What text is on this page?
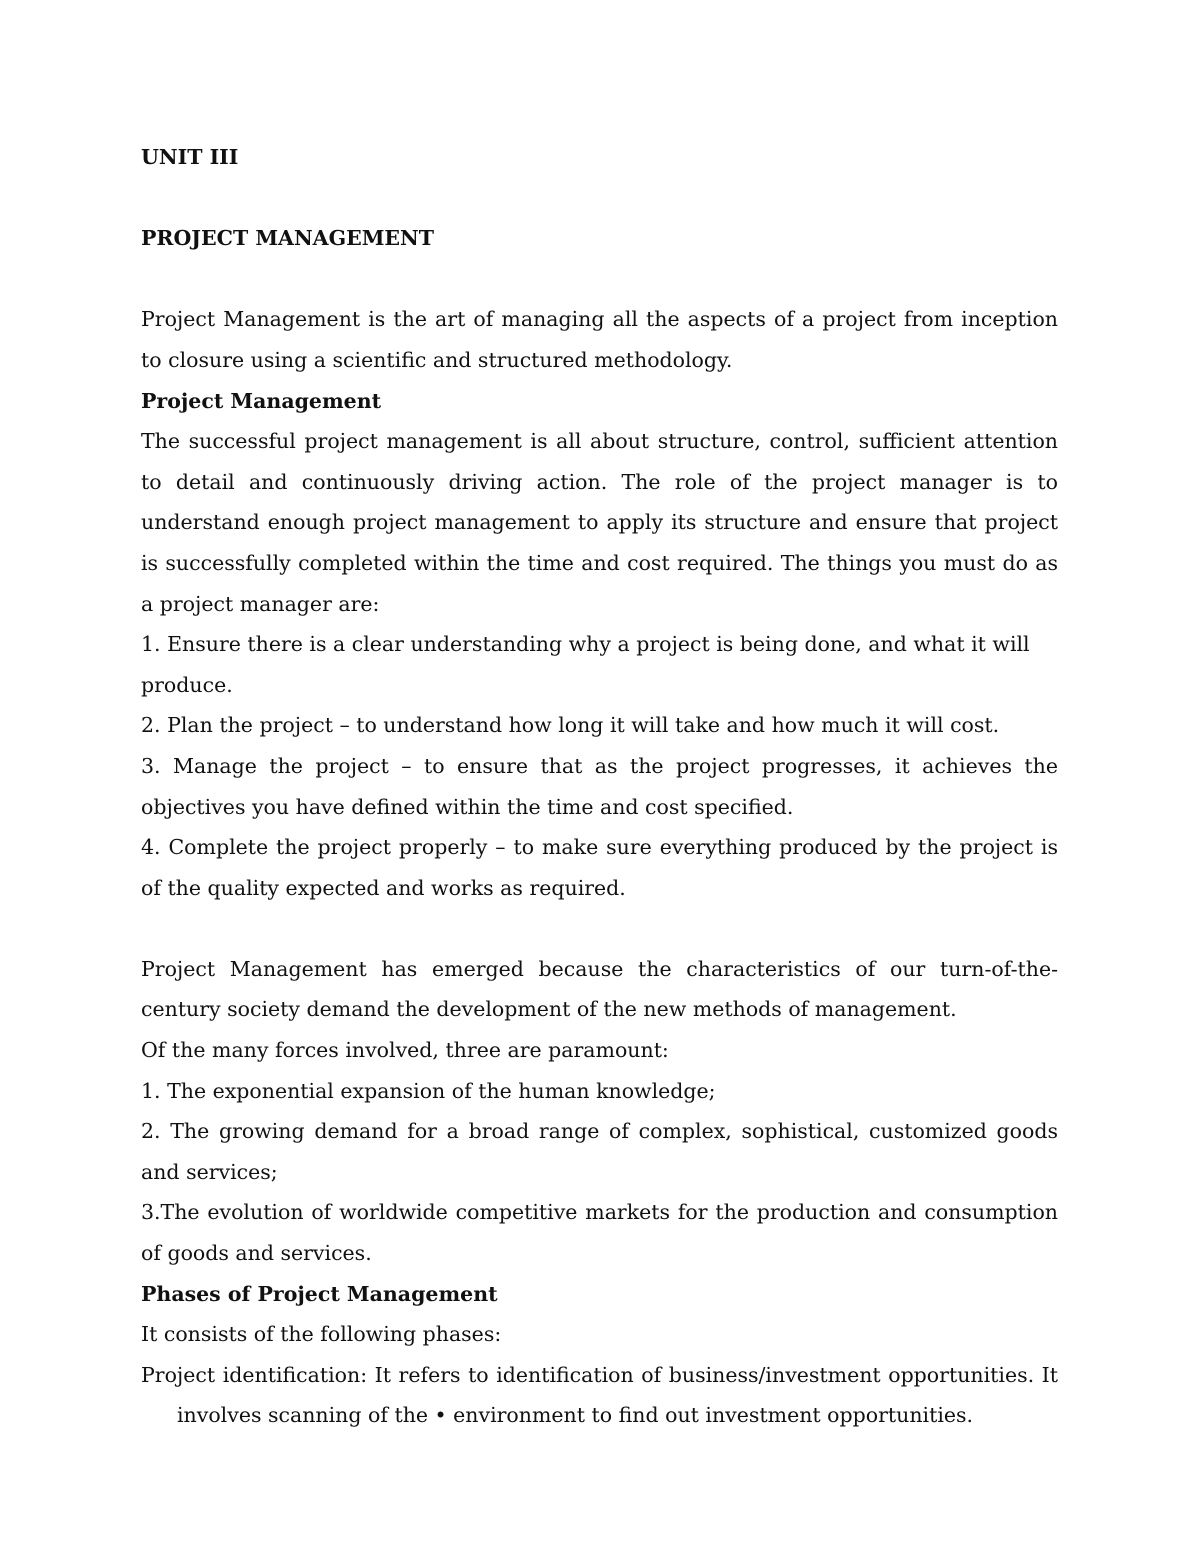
UNIT III

PROJECT MANAGEMENT

Project Management is the art of managing all the aspects of a project from inception to closure using a scientific and structured methodology.

Project Management

The successful project management is all about structure, control, sufficient attention to detail and continuously driving action. The role of the project manager is to understand enough project management to apply its structure and ensure that project is successfully completed within the time and cost required. The things you must do as a project manager are:

1. Ensure there is a clear understanding why a project is being done, and what it will produce.

2. Plan the project – to understand how long it will take and how much it will cost.

3. Manage the project – to ensure that as the project progresses, it achieves the objectives you have defined within the time and cost specified.

4. Complete the project properly – to make sure everything produced by the project is of the quality expected and works as required.

Project Management has emerged because the characteristics of our turn-of-the-century society demand the development of the new methods of management.

Of the many forces involved, three are paramount:

1. The exponential expansion of the human knowledge;

2. The growing demand for a broad range of complex, sophistical, customized goods and services;

3.The evolution of worldwide competitive markets for the production and consumption of goods and services.

Phases of Project Management

It consists of the following phases:

Project identification: It refers to identification of business/investment opportunities. It involves scanning of the • environment to find out investment opportunities.
